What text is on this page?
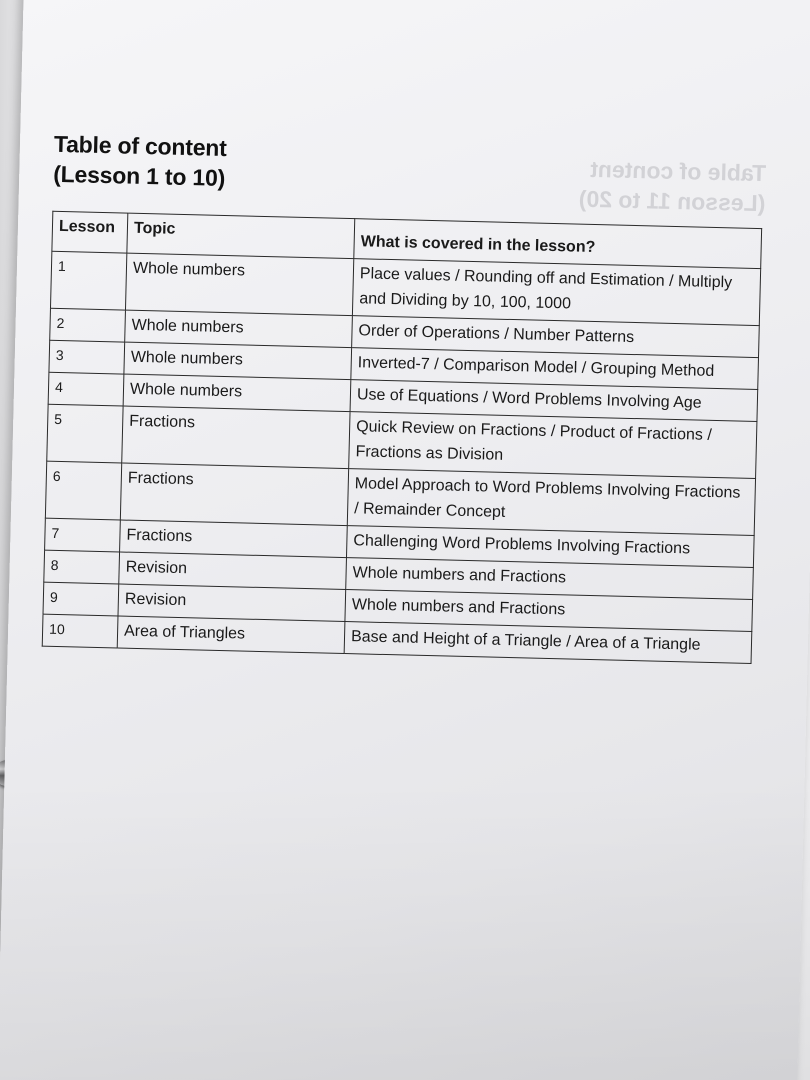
Table of content
(Lesson 11 to 20)
Table of content
(Lesson 1 to 10)
Lesson	Topic	What is covered in the lesson?
1	Whole numbers	Place values / Rounding off and Estimation / Multiply and Dividing by 10, 100, 1000
2	Whole numbers	Order of Operations / Number Patterns
3	Whole numbers	Inverted-7 / Comparison Model / Grouping Method
4	Whole numbers	Use of Equations / Word Problems Involving Age
5	Fractions	Quick Review on Fractions / Product of Fractions / Fractions as Division
6	Fractions	Model Approach to Word Problems Involving Fractions / Remainder Concept
7	Fractions	Challenging Word Problems Involving Fractions
8	Revision	Whole numbers and Fractions
9	Revision	Whole numbers and Fractions
10	Area of Triangles	Base and Height of a Triangle / Area of a Triangle
